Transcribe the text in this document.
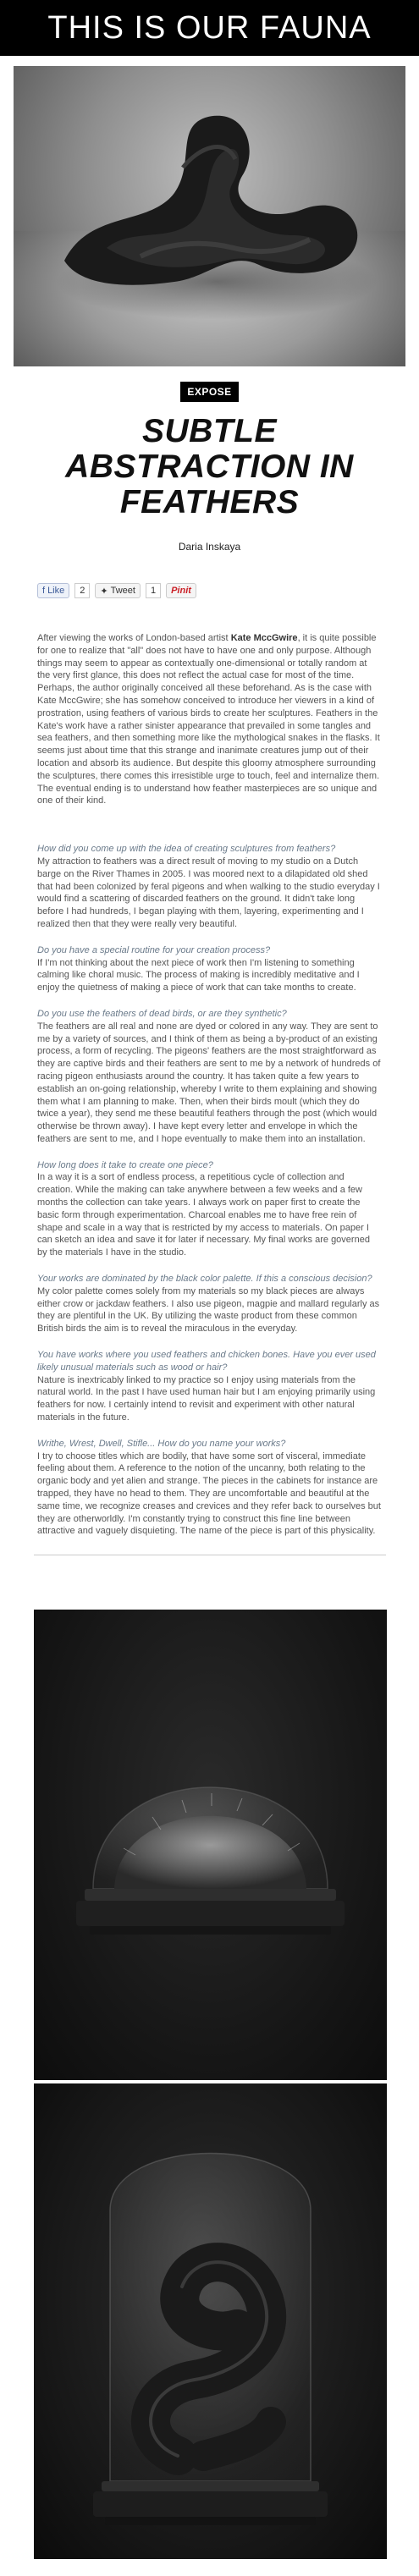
THIS IS OUR FAUNA
EXPOSE
SUBTLE ABSTRACTION IN FEATHERS
Daria Inskaya
f Like	2	✦ Tweet	1	Pinit

After viewing the works of London-based artist Kate MccGwire, it is quite possible for one to realize that "all" does not have to have one and only purpose. Although things may seem to appear as contextually one-dimensional or totally random at the very first glance, this does not reflect the actual case for most of the time. Perhaps, the author originally conceived all these beforehand. As is the case with Kate MccGwire; she has somehow conceived to introduce her viewers in a kind of prostration, using feathers of various birds to create her sculptures. Feathers in the Kate's work have a rather sinister appearance that prevailed in some tangles and sea feathers, and then something more like the mythological snakes in the flasks. It seems just about time that this strange and inanimate creatures jump out of their location and absorb its audience. But despite this gloomy atmosphere surrounding the sculptures, there comes this irresistible urge to touch, feel and internalize them. The eventual ending is to understand how feather masterpieces are so unique and one of their kind.

How did you come up with the idea of creating sculptures from feathers?

My attraction to feathers was a direct result of moving to my studio on a Dutch barge on the River Thames in 2005. I was moored next to a dilapidated old shed that had been colonized by feral pigeons and when walking to the studio everyday I would find a scattering of discarded feathers on the ground. It didn't take long before I had hundreds, I began playing with them, layering, experimenting and I realized then that they were really very beautiful.

Do you have a special routine for your creation process?

If I'm not thinking about the next piece of work then I'm listening to something calming like choral music. The process of making is incredibly meditative and I enjoy the quietness of making a piece of work that can take months to create.

Do you use the feathers of dead birds, or are they synthetic?

The feathers are all real and none are dyed or colored in any way. They are sent to me by a variety of sources, and I think of them as being a by-product of an existing process, a form of recycling. The pigeons' feathers are the most straightforward as they are captive birds and their feathers are sent to me by a network of hundreds of racing pigeon enthusiasts around the country. It has taken quite a few years to establish an on-going relationship, whereby I write to them explaining and showing them what I am planning to make. Then, when their birds moult (which they do twice a year), they send me these beautiful feathers through the post (which would otherwise be thrown away). I have kept every letter and envelope in which the feathers are sent to me, and I hope eventually to make them into an installation.

How long does it take to create one piece?

In a way it is a sort of endless process, a repetitious cycle of collection and creation. While the making can take anywhere between a few weeks and a few months the collection can take years. I always work on paper first to create the basic form through experimentation. Charcoal enables me to have free rein of shape and scale in a way that is restricted by my access to materials. On paper I can sketch an idea and save it for later if necessary. My final works are governed by the materials I have in the studio.

Your works are dominated by the black color palette. If this a conscious decision?

My color palette comes solely from my materials so my black pieces are always either crow or jackdaw feathers. I also use pigeon, magpie and mallard regularly as they are plentiful in the UK. By utilizing the waste product from these common British birds the aim is to reveal the miraculous in the everyday.

You have works where you used feathers and chicken bones. Have you ever used likely unusual materials such as wood or hair?

Nature is inextricably linked to my practice so I enjoy using materials from the natural world. In the past I have used human hair but I am enjoying primarily using feathers for now. I certainly intend to revisit and experiment with other natural materials in the future.

Writhe, Wrest, Dwell, Stifle... How do you name your works?

I try to choose titles which are bodily, that have some sort of visceral, immediate feeling about them. A reference to the notion of the uncanny, both relating to the organic body and yet alien and strange. The pieces in the cabinets for instance are trapped, they have no head to them. They are uncomfortable and beautiful at the same time, we recognize creases and crevices and they refer back to ourselves but they are otherworldly. I'm constantly trying to construct this fine line between attractive and vaguely disquieting. The name of the piece is part of this physicality.
